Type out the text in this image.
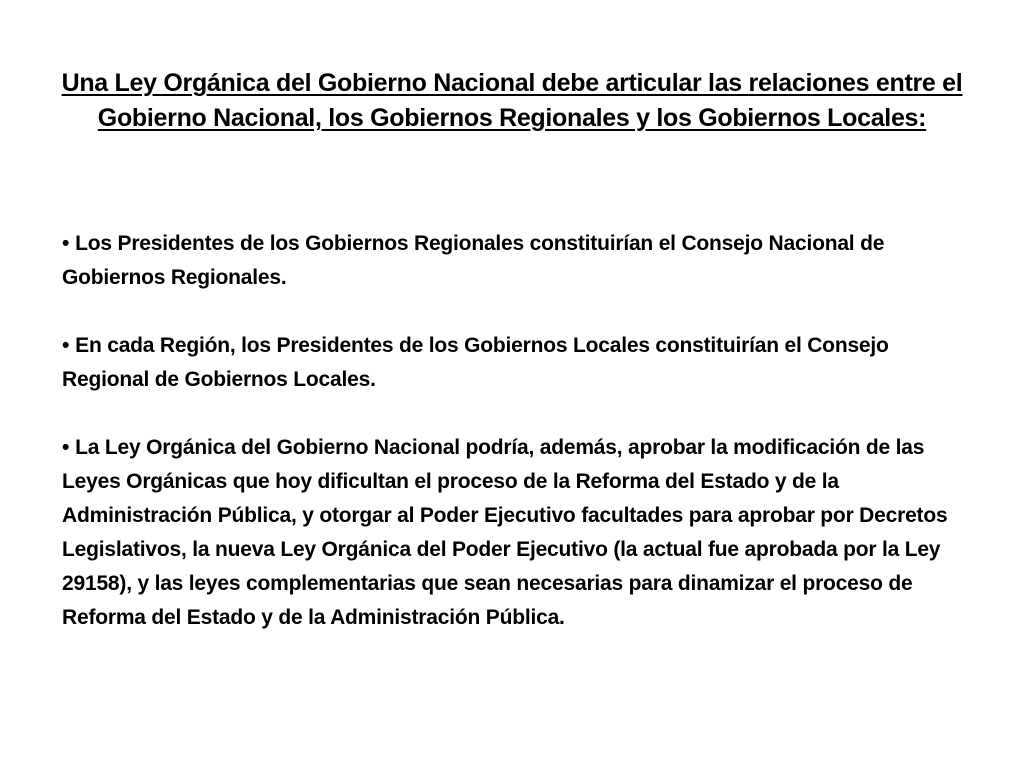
Una Ley Orgánica del Gobierno Nacional debe articular las relaciones entre el Gobierno Nacional, los Gobiernos Regionales y los Gobiernos Locales:
• Los Presidentes de los Gobiernos Regionales constituirían el Consejo Nacional de Gobiernos Regionales.
• En cada Región, los Presidentes de los Gobiernos Locales constituirían el Consejo Regional de Gobiernos Locales.
• La Ley Orgánica del Gobierno Nacional podría, además, aprobar la modificación de las Leyes Orgánicas que hoy dificultan el proceso de la Reforma del Estado y de la Administración Pública, y otorgar al Poder Ejecutivo facultades para aprobar por Decretos Legislativos, la nueva Ley Orgánica del Poder Ejecutivo (la actual fue aprobada por la Ley 29158), y las leyes complementarias que sean necesarias para dinamizar el proceso de Reforma del Estado y de la Administración Pública.
